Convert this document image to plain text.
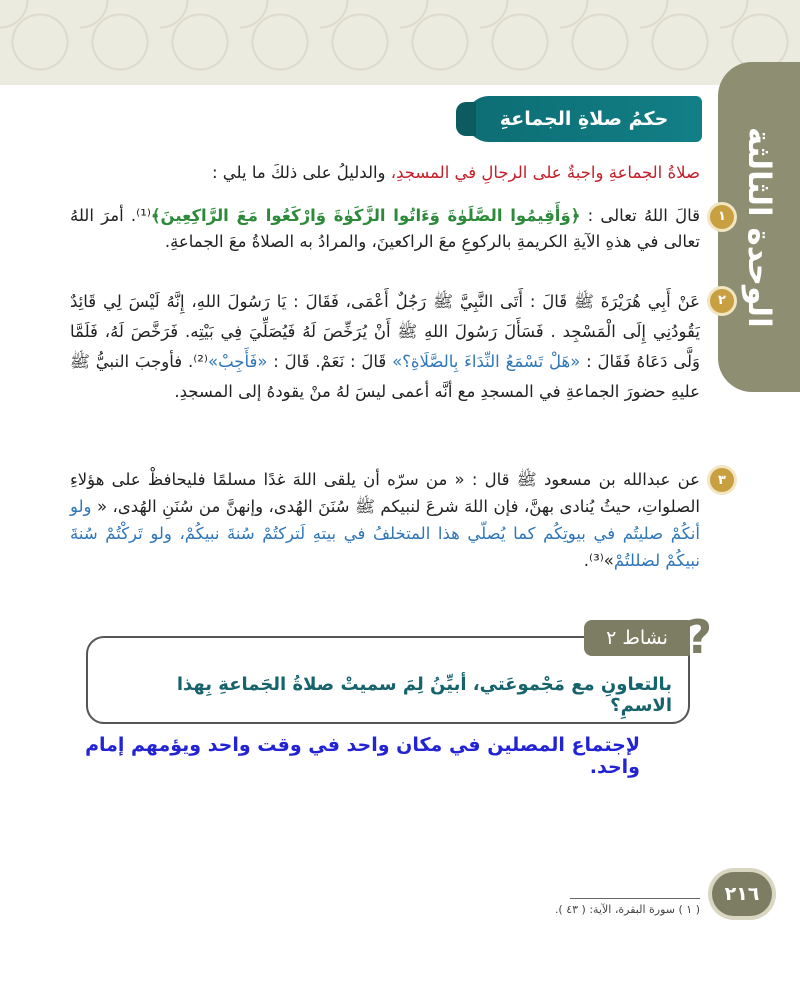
الوحدة الثالثة
حكمُ صلاةِ الجماعةِ

صلاةُ الجماعةِ واجبةٌ على الرجالِ في المسجدِ، والدليلُ على ذلكَ ما يلي :

١
قالَ اللهُ تعالى : ﴿وَأَقِيمُوا الصَّلَوٰةَ وَءَاتُوا الزَّكَوٰةَ وَارْكَعُوا مَعَ الرَّاكِعِينَ﴾⁽¹⁾. أمرَ اللهُ تعالى في هذهِ الآيةِ الكريمةِ بالركوعِ معَ الراكعينَ، والمرادُ به الصلاةُ معَ الجماعةِ.
٢
عَنْ أَبِي هُرَيْرَةَ ﷺ قَالَ : أَتَى النَّبِيَّ ﷺ رَجُلٌ أَعْمَى، فَقَالَ : يَا رَسُولَ اللهِ، إِنَّهُ لَيْسَ لِي قَائِدٌ يَقُودُنِي إِلَى الْمَسْجِد . فَسَأَلَ رَسُولَ اللهِ ﷺ أَنْ يُرَخِّصَ لَهُ فَيُصَلِّيَ فِي بَيْتِه. فَرَخَّصَ لَهُ، فَلَمَّا وَلَّى دَعَاهُ فَقَالَ : «هَلْ تَسْمَعُ النِّدَاءَ بِالصَّلَاةِ؟» قَالَ : نَعَمْ. قَالَ : «فَأَجِبْ»⁽²⁾. فأوجبَ النبيُّ ﷺ عليهِ حضورَ الجماعةِ في المسجدِ مع أنَّه أعمى ليسَ لهُ منْ يقودهُ إلى المسجدِ.
٣
عن عبدالله بن مسعود ﷺ قال : « من سرّه أن يلقى اللهَ غدًا مسلمًا فليحافظْ على هؤلاءِ الصلواتِ، حيثُ يُنادى بهنَّ، فإن اللهَ شرعَ لنبيكم ﷺ سُنَنَ الهُدى، وإنهنَّ من سُنَنِ الهُدى، « ولو أنكُمْ صليتُم في بيوتِكُم كما يُصلّي هذا المتخلفُ في بيتهِ لَتركتُمْ سُنةَ نبيكُمْ، ولو تَركْتُمْ سُنةَ نبيكُمْ لضللتُمْ»⁽³⁾.
?
نشاط
٢
بالتعاونِ مع مَجْموعَتي، أبيِّنُ لِمَ سميتْ صلاةُ الجَماعةِ بِهذا الاسمِ؟
لإجتماع المصلين في مكان واحد في وقت واحد ويؤمهم إمام واحد.
( ١ ) سورة البقرة، الآية: ( ٤٣ ).
٢١٦
